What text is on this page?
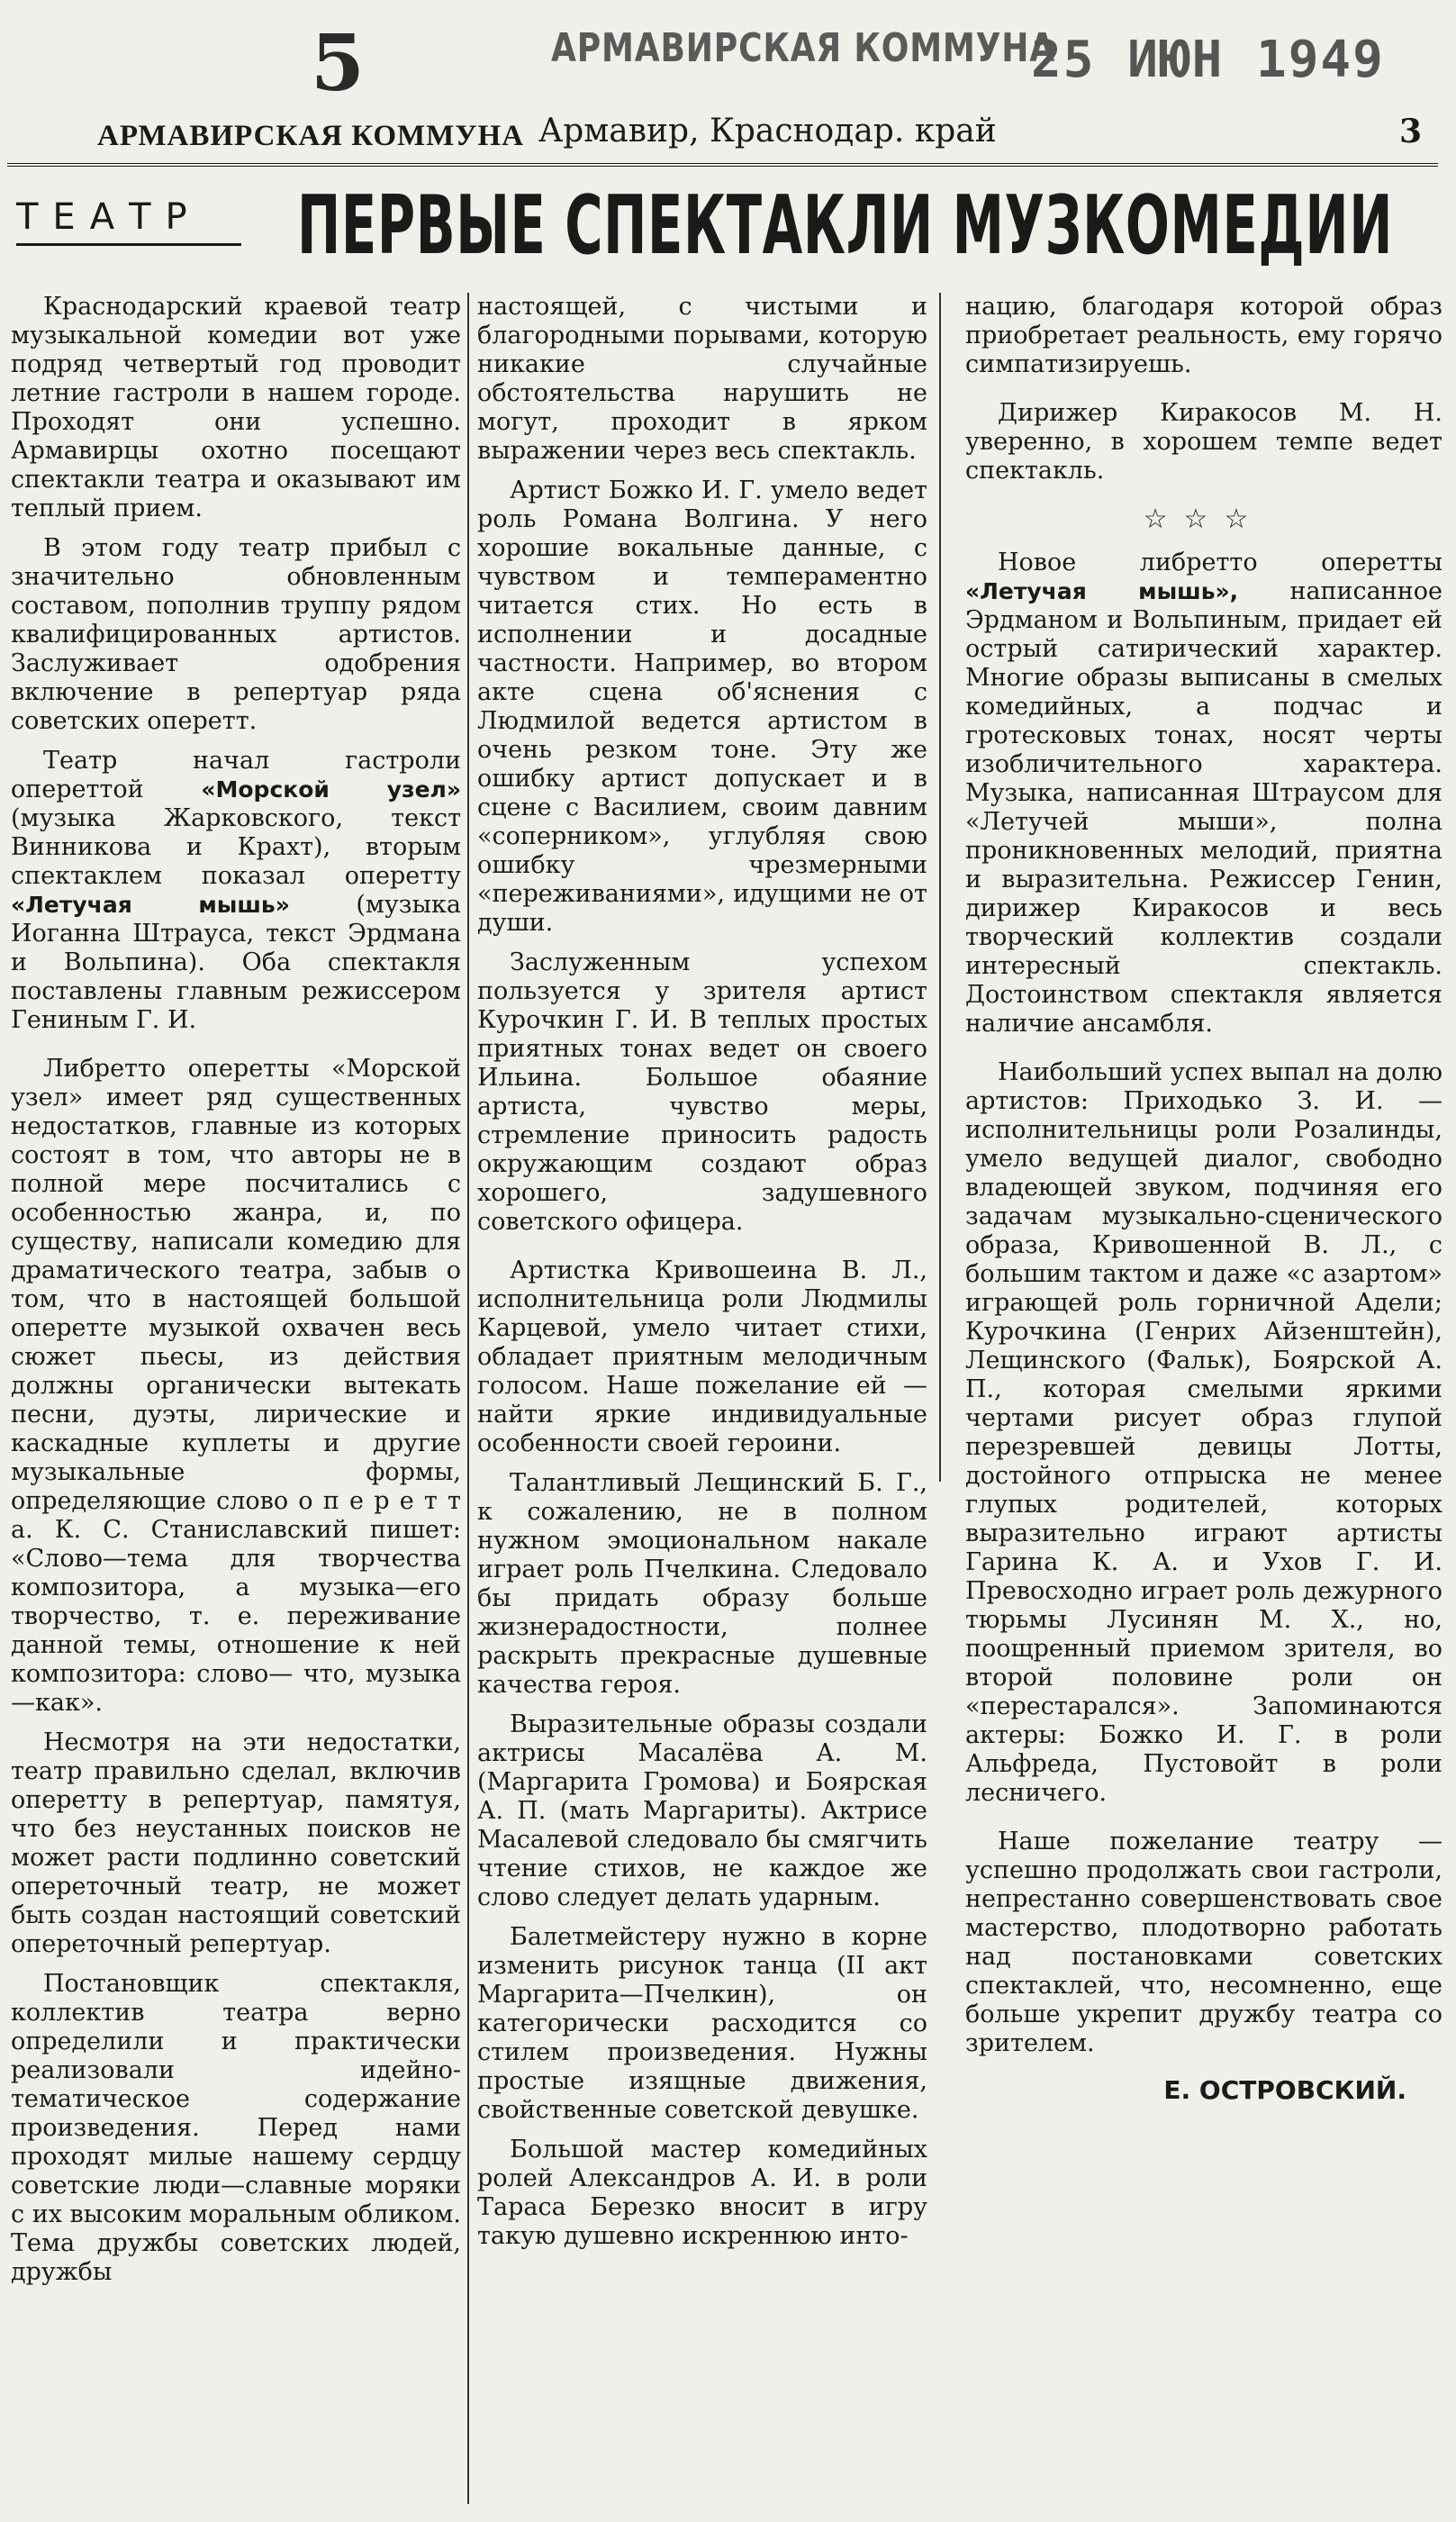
5	АРМАВИРСКАЯ КОММУНА
25 ИЮН 1949
АРМАВИРСКАЯ КОММУНА Армавир, Краснодар. край	3
ТЕАТР	ПЕРВЫЕ СПЕКТАКЛИ МУЗКОМЕДИИ

Краснодарский краевой театр музыкальной комедии вот уже подряд четвертый год проводит летние гастроли в нашем городе. Проходят они успешно. Армавирцы охотно посещают спектакли театра и оказывают им теплый прием.

В этом году театр прибыл с значительно обновленным составом, пополнив труппу рядом квалифицированных артистов. Заслуживает одобрения включение в репертуар ряда советских оперетт.

Театр начал гастроли опереттой «Морской узел» (музыка Жарковского, текст Винникова и Крахт), вторым спектаклем показал оперетту «Летучая мышь» (музыка Иоганна Штрауса, текст Эрдмана и Вольпина). Оба спектакля поставлены главным режиссером Гениным Г. И.

Либретто оперетты «Морской узел» имеет ряд существенных недостатков, главные из которых состоят в том, что авторы не в полной мере посчитались с особенностью жанра, и, по существу, написали комедию для драматического театра, забыв о том, что в настоящей большой оперетте музыкой охвачен весь сюжет пьесы, из действия должны органически вытекать песни, дуэты, лирические и каскадные куплеты и другие музыкальные формы, определяющие слово о п е р е т т а. К. С. Станиславский пишет: «Слово—тема для творчества композитора, а музыка—его творчество, т. е. переживание данной темы, отношение к ней композитора: слово— что, музыка—как».

Несмотря на эти недостатки, театр правильно сделал, включив оперетту в репертуар, памятуя, что без неустанных поисков не может расти подлинно советский опереточный театр, не может быть создан настоящий советский опереточный репертуар.

Постановщик спектакля, коллектив театра верно определили и практически реализовали идейно-тематическое содержание произведения. Перед нами проходят милые нашему сердцу советские люди—славные моряки с их высоким моральным обликом. Тема дружбы советских людей, дружбы

настоящей, с чистыми и благородными порывами, которую никакие случайные обстоятельства нарушить не могут, проходит в ярком выражении через весь спектакль.

Артист Божко И. Г. умело ведет роль Романа Волгина. У него хорошие вокальные данные, с чувством и темпераментно читается стих. Но есть в исполнении и досадные частности. Например, во втором акте сцена об'яснения с Людмилой ведется артистом в очень резком тоне. Эту же ошибку артист допускает и в сцене с Василием, своим давним «соперником», углубляя свою ошибку чрезмерными «переживаниями», идущими не от души.

Заслуженным успехом пользуется у зрителя артист Курочкин Г. И. В теплых простых приятных тонах ведет он своего Ильина. Большое обаяние артиста, чувство меры, стремление приносить радость окружающим создают образ хорошего, задушевного советского офицера.

Артистка Кривошеина В. Л., исполнительница роли Людмилы Карцевой, умело читает стихи, обладает приятным мелодичным голосом. Наше пожелание ей — найти яркие индивидуальные особенности своей героини.

Талантливый Лещинский Б. Г., к сожалению, не в полном нужном эмоциональном накале играет роль Пчелкина. Следовало бы придать образу больше жизнерадостности, полнее раскрыть прекрасные душевные качества героя.

Выразительные образы создали актрисы Масалёва А. М. (Маргарита Громова) и Боярская А. П. (мать Маргариты). Актрисе Масалевой следовало бы смягчить чтение стихов, не каждое же слово следует делать ударным.

Балетмейстеру нужно в корне изменить рисунок танца (II акт Маргарита—Пчелкин), он категорически расходится со стилем произведения. Нужны простые изящные движения, свойственные советской девушке.

Большой мастер комедийных ролей Александров А. И. в роли Тараса Березко вносит в игру такую душевно искреннюю инто-

нацию, благодаря которой образ приобретает реальность, ему горячо симпатизируешь.

Дирижер Киракосов М. Н. уверенно, в хорошем темпе ведет спектакль.

☆☆☆

Новое либретто оперетты «Летучая мышь», написанное Эрдманом и Вольпиным, придает ей острый сатирический характер. Многие образы выписаны в смелых комедийных, а подчас и гротесковых тонах, носят черты изобличительного характера. Музыка, написанная Штраусом для «Летучей мыши», полна проникновенных мелодий, приятна и выразительна. Режиссер Генин, дирижер Киракосов и весь творческий коллектив создали интересный спектакль. Достоинством спектакля является наличие ансамбля.

Наибольший успех выпал на долю артистов: Приходько З. И. —исполнительницы роли Розалинды, умело ведущей диалог, свободно владеющей звуком, подчиняя его задачам музыкально-сценического образа, Кривошенной В. Л., с большим тактом и даже «с азартом» играющей роль горничной Адели; Курочкина (Генрих Айзенштейн), Лещинского (Фальк), Боярской А. П., которая смелыми яркими чертами рисует образ глупой перезревшей девицы Лотты, достойного отпрыска не менее глупых родителей, которых выразительно играют артисты Гарина К. А. и Ухов Г. И. Превосходно играет роль дежурного тюрьмы Лусинян М. Х., но, поощренный приемом зрителя, во второй половине роли он «перестарался». Запоминаются актеры: Божко И. Г. в роли Альфреда, Пустовойт в роли лесничего.

Наше пожелание театру — успешно продолжать свои гастроли, непрестанно совершенствовать свое мастерство, плодотворно работать над постановками советских спектаклей, что, несомненно, еще больше укрепит дружбу театра со зрителем.

Е. ОСТРОВСКИЙ.
